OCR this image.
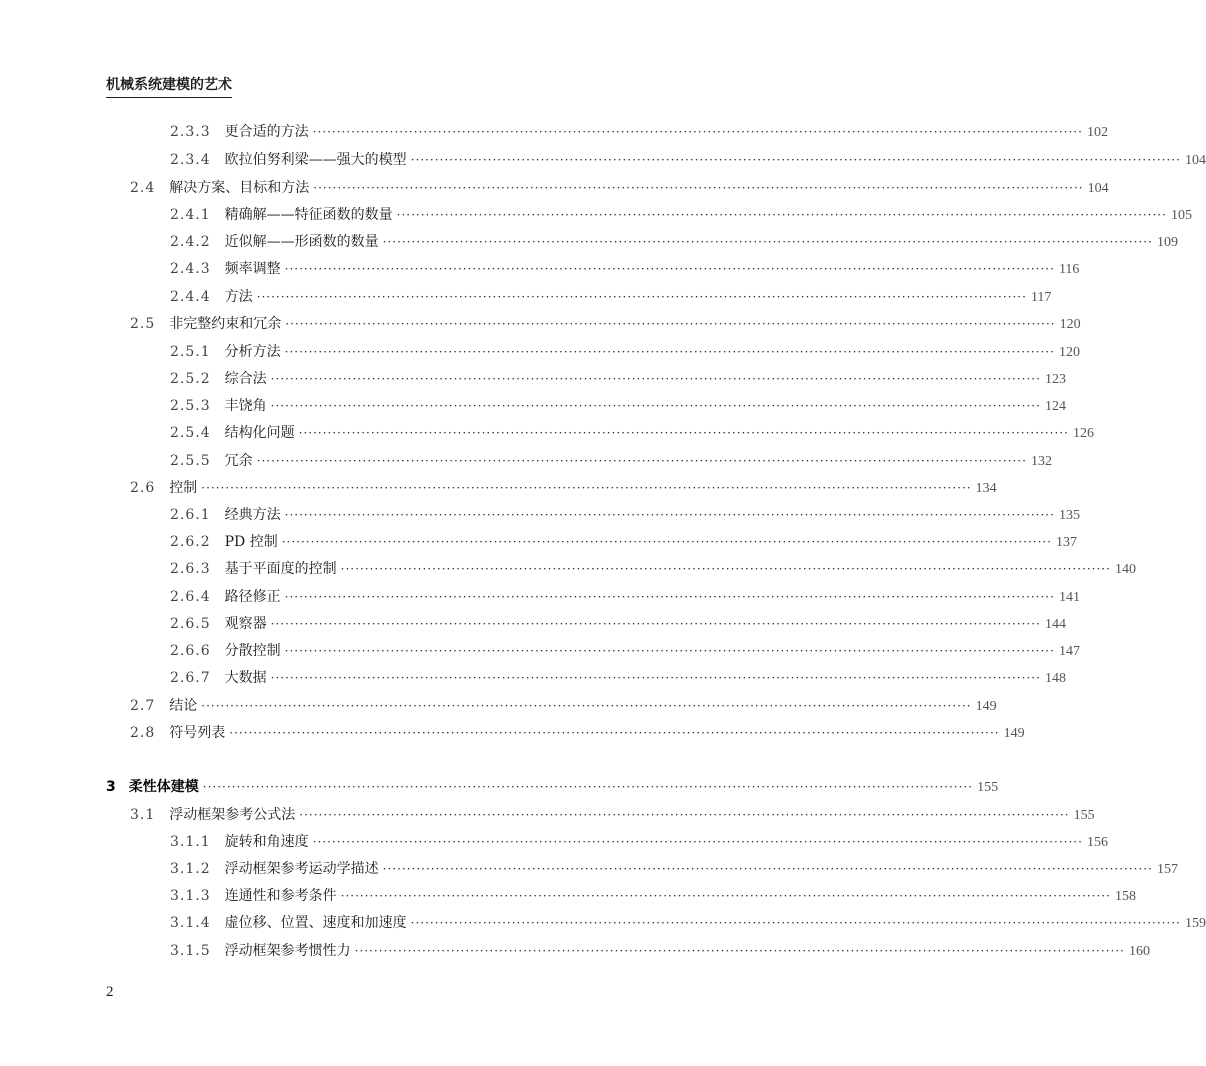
机械系统建模的艺术
2.3.3 更合适的方法 ································································································································································ 102
2.3.4 欧拉伯努利梁——强大的模型 ································································································································································ 104
2.4 解决方案、目标和方法 ································································································································································ 104
2.4.1 精确解——特征函数的数量 ································································································································································ 105
2.4.2 近似解——形函数的数量 ································································································································································ 109
2.4.3 频率调整 ································································································································································ 116
2.4.4 方法 ································································································································································ 117
2.5 非完整约束和冗余 ································································································································································ 120
2.5.1 分析方法 ································································································································································ 120
2.5.2 综合法 ································································································································································ 123
2.5.3 丰饶角 ································································································································································ 124
2.5.4 结构化问题 ································································································································································ 126
2.5.5 冗余 ································································································································································ 132
2.6 控制 ································································································································································ 134
2.6.1 经典方法 ································································································································································ 135
2.6.2 PD 控制 ································································································································································ 137
2.6.3 基于平面度的控制 ································································································································································ 140
2.6.4 路径修正 ································································································································································ 141
2.6.5 观察器 ································································································································································ 144
2.6.6 分散控制 ································································································································································ 147
2.6.7 大数据 ································································································································································ 148
2.7 结论 ································································································································································ 149
2.8 符号列表 ································································································································································ 149
3 柔性体建模 ································································································································································ 155
3.1 浮动框架参考公式法 ································································································································································ 155
3.1.1 旋转和角速度 ································································································································································ 156
3.1.2 浮动框架参考运动学描述 ································································································································································ 157
3.1.3 连通性和参考条件 ································································································································································ 158
3.1.4 虚位移、位置、速度和加速度 ································································································································································ 159
3.1.5 浮动框架参考惯性力 ································································································································································ 160
2
